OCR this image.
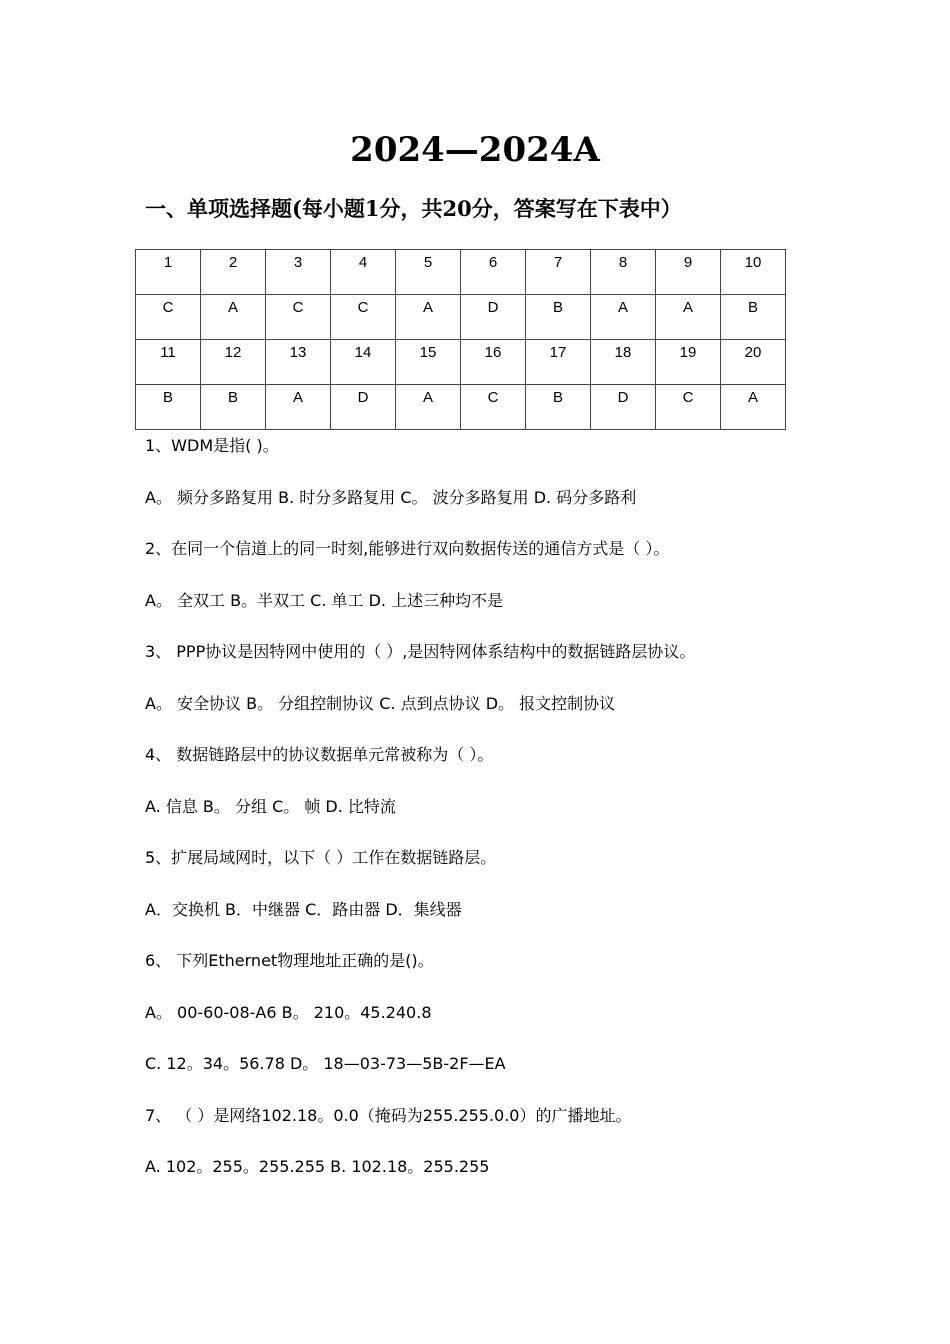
2024—2024A
一、单项选择题(每小题1分，共20分，答案写在下表中）
1	2	3	4	5	6	7	8	9	10
C	A	C	C	A	D	B	A	A	B
11	12	13	14	15	16	17	18	19	20
B	B	A	D	A	C	B	D	C	A
1、WDM是指( )。
A。 频分多路复用 B. 时分多路复用 C。 波分多路复用 D. 码分多路利
2、在同一个信道上的同一时刻,能够进行双向数据传送的通信方式是（ ）。
A。 全双工 B。半双工 C. 单工 D. 上述三种均不是
3、 PPP协议是因特网中使用的（ ）,是因特网体系结构中的数据链路层协议。
A。 安全协议 B。 分组控制协议 C. 点到点协议 D。 报文控制协议
4、 数据链路层中的协议数据单元常被称为（ ）。
A. 信息 B。 分组 C。 帧 D. 比特流
5、扩展局域网时，以下（ ）工作在数据链路层。
A．交换机 B．中继器 C．路由器 D．集线器
6、 下列Ethernet物理地址正确的是()。
A。 00-60-08-A6 B。 210。45.240.8
C. 12。34。56.78 D。 18—03-73—5B-2F—EA
7、 （ ）是网络102.18。0.0（掩码为255.255.0.0）的广播地址。
A. 102。255。255.255 B. 102.18。255.255
